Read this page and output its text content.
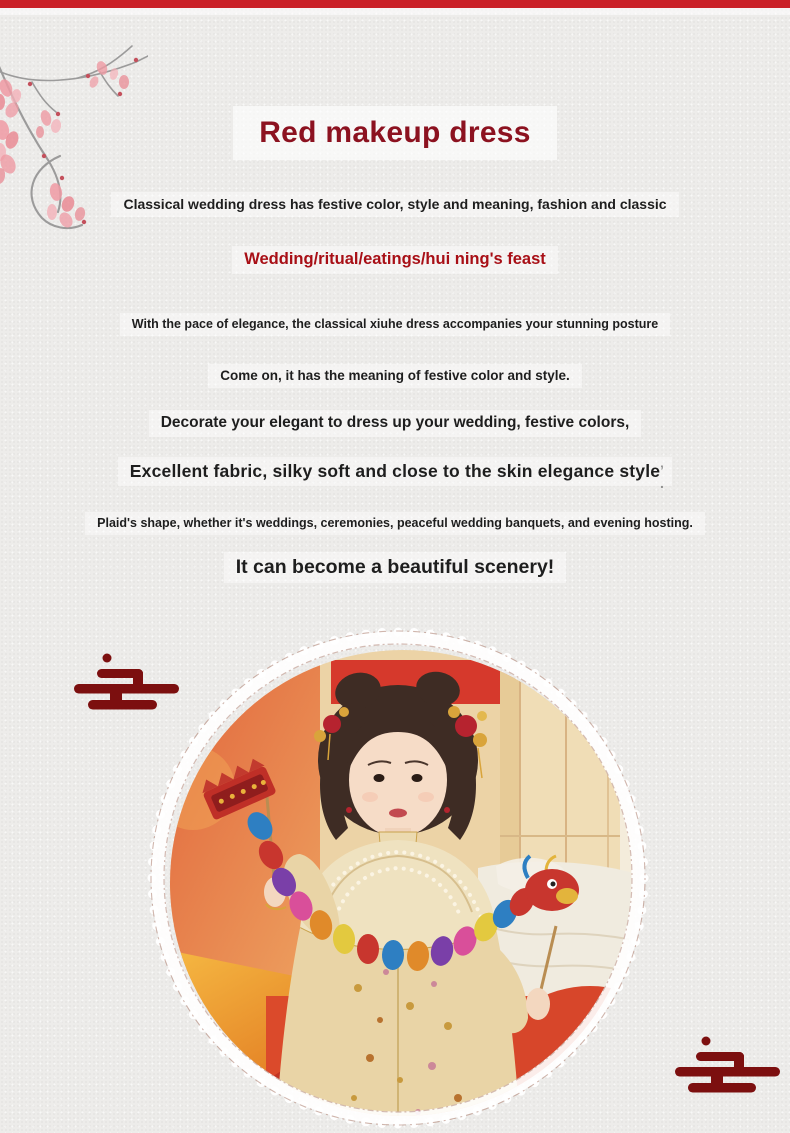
Red makeup dress
Classical wedding dress has festive color, style and meaning, fashion and classic
Wedding/ritual/eatings/hui ning's feast
With the pace of elegance, the classical xiuhe dress accompanies your stunning posture
Come on, it has the meaning of festive color and style.
Decorate your elegant to dress up your wedding, festive colors,
Excellent fabric, silky soft and close to the skin elegance style
Plaid's shape, whether it's weddings, ceremonies, peaceful wedding banquets, and evening hosting.
It can become a beautiful scenery!
’
.
